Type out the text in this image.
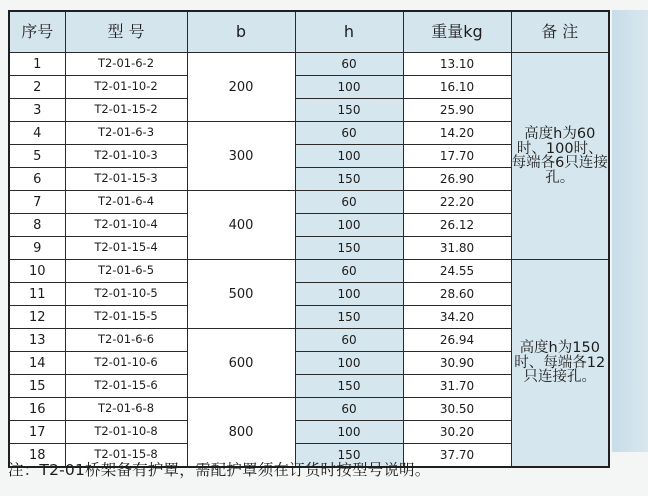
序号	型 号	b	h	重量kg	备 注
1	T2-01-6-2	200	60	13.10	高度h为60时、100时、每端各6只连接孔。
2	T2-01-10-2		100	16.10	
3	T2-01-15-2		150	25.90	
4	T2-01-6-3	300	60	14.20	
5	T2-01-10-3		100	17.70	
6	T2-01-15-3		150	26.90	
7	T2-01-6-4	400	60	22.20	
8	T2-01-10-4		100	26.12	
9	T2-01-15-4		150	31.80	
10	T2-01-6-5	500	60	24.55	高度h为150时、每端各12只连接孔。
11	T2-01-10-5		100	28.60	
12	T2-01-15-5		150	34.20	
13	T2-01-6-6	600	60	26.94	
14	T2-01-10-6		100	30.90	
15	T2-01-15-6		150	31.70	
16	T2-01-6-8	800	60	30.50	
17	T2-01-10-8		100	30.20	
18	T2-01-15-8		150	37.70	
注：T2-01桥架备有护罩，需配护罩须在订货时按型号说明。
